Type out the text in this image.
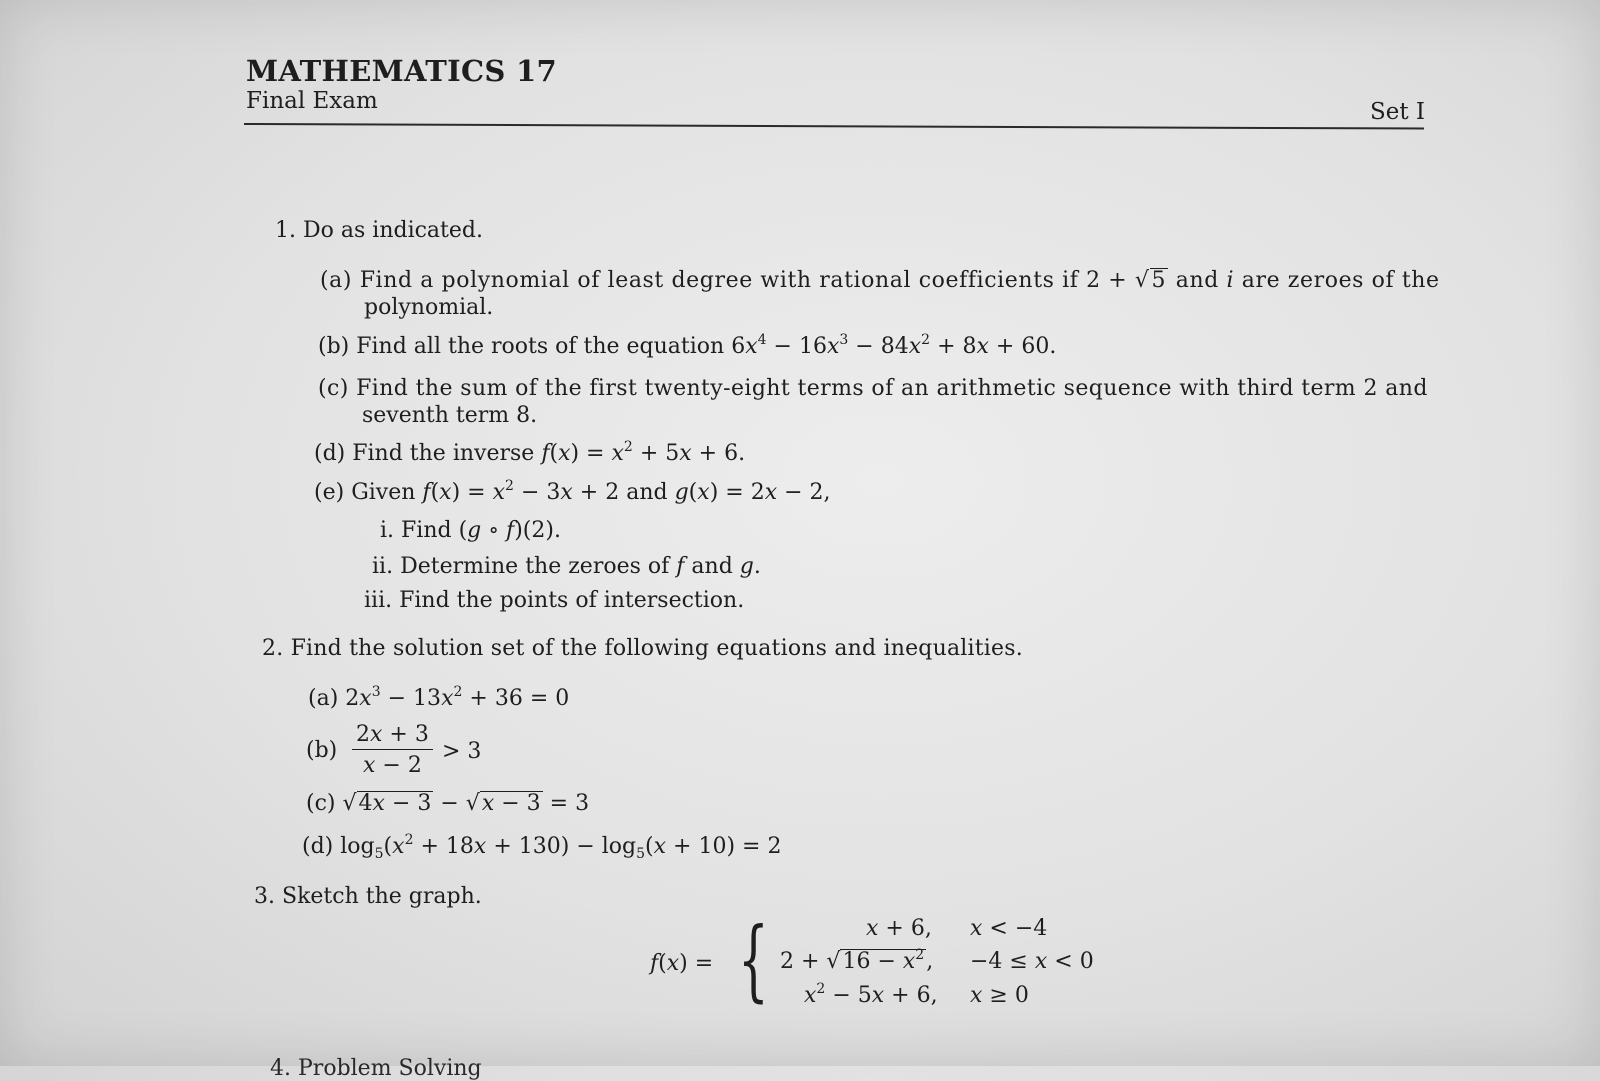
MATHEMATICS 17
Final Exam	Set I
1. Do as indicated.
(a) Find a polynomial of least degree with rational coefficients if 2 + √5 and i are zeroes of the
polynomial.
(b) Find all the roots of the equation $6x^4 - 16x^3 - 84x^2 + 8x + 60$.
(c) Find the sum of the first twenty-eight terms of an arithmetic sequence with third term 2 and
seventh term 8.
(d) Find the inverse $f(x) = x^2 + 5x + 6$.
(e) Given $f(x) = x^2 - 3x + 2$ and g(x) = 2x − 2,
i. Find (g ∘ f)(2).
ii. Determine the zeroes of f and g.
iii. Find the points of intersection.
2. Find the solution set of the following equations and inequalities.
(a) $2x^3 - 13x^2 + 36 = 0$
$(b) \frac{2x + 3}{x - 2} > 3$
(c) √4x − 3 − √x − 3 = 3
(d) $\log_5(x^2 + 18x + 130) - \log_5(x + 10) = 2$
3. Sketch the graph.
f(x) = {	x + 6, x < −4
$2 + √16 - x^2$, −4 ≤ x < 0
$x^2 - 5x + 6$, x ≥ 0
4. Problem Solving
